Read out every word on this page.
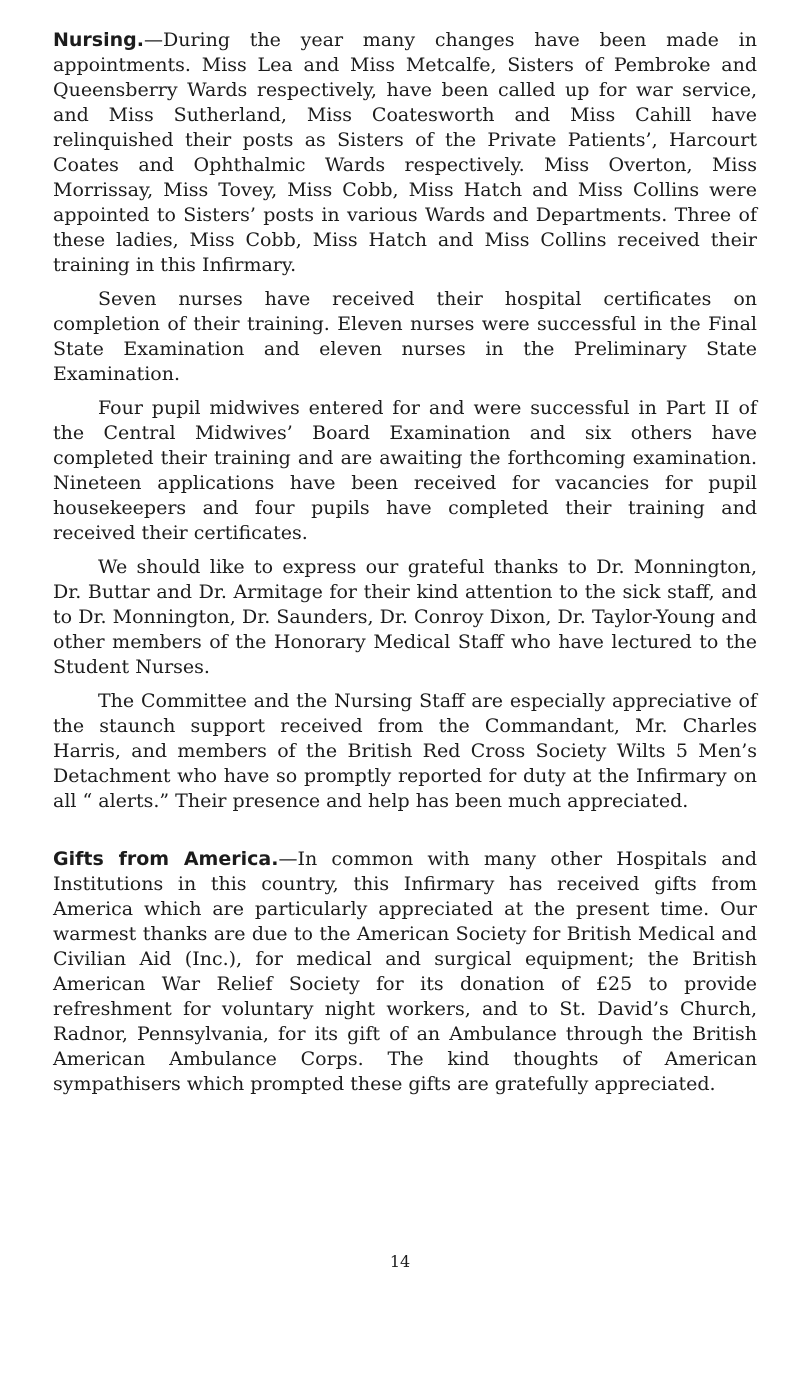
Nursing.—During the year many changes have been made in appointments. Miss Lea and Miss Metcalfe, Sisters of Pembroke and Queensberry Wards respectively, have been called up for war service, and Miss Sutherland, Miss Coatesworth and Miss Cahill have relinquished their posts as Sisters of the Private Patients’, Harcourt Coates and Ophthalmic Wards respectively. Miss Overton, Miss Morrissay, Miss Tovey, Miss Cobb, Miss Hatch and Miss Collins were appointed to Sisters’ posts in various Wards and Departments. Three of these ladies, Miss Cobb, Miss Hatch and Miss Collins received their training in this Infirmary.

Seven nurses have received their hospital certificates on completion of their training. Eleven nurses were successful in the Final State Examination and eleven nurses in the Preliminary State Examination.

Four pupil midwives entered for and were successful in Part II of the Central Midwives’ Board Examination and six others have completed their training and are awaiting the forthcoming examination. Nineteen applications have been received for vacancies for pupil housekeepers and four pupils have completed their training and received their certificates.

We should like to express our grateful thanks to Dr. Monnington, Dr. Buttar and Dr. Armitage for their kind attention to the sick staff, and to Dr. Monnington, Dr. Saunders, Dr. Conroy Dixon, Dr. Taylor-Young and other members of the Honorary Medical Staff who have lectured to the Student Nurses.

The Committee and the Nursing Staff are especially appreciative of the staunch support received from the Commandant, Mr. Charles Harris, and members of the British Red Cross Society Wilts 5 Men’s Detachment who have so promptly reported for duty at the Infirmary on all “ alerts.” Their presence and help has been much appreciated.

Gifts from America.—In common with many other Hospitals and Institutions in this country, this Infirmary has received gifts from America which are particularly appreciated at the present time. Our warmest thanks are due to the American Society for British Medical and Civilian Aid (Inc.), for medical and surgical equipment; the British American War Relief Society for its donation of £25 to provide refreshment for voluntary night workers, and to St. David’s Church, Radnor, Pennsylvania, for its gift of an Ambulance through the British American Ambulance Corps. The kind thoughts of American sympathisers which prompted these gifts are gratefully appreciated.

14
